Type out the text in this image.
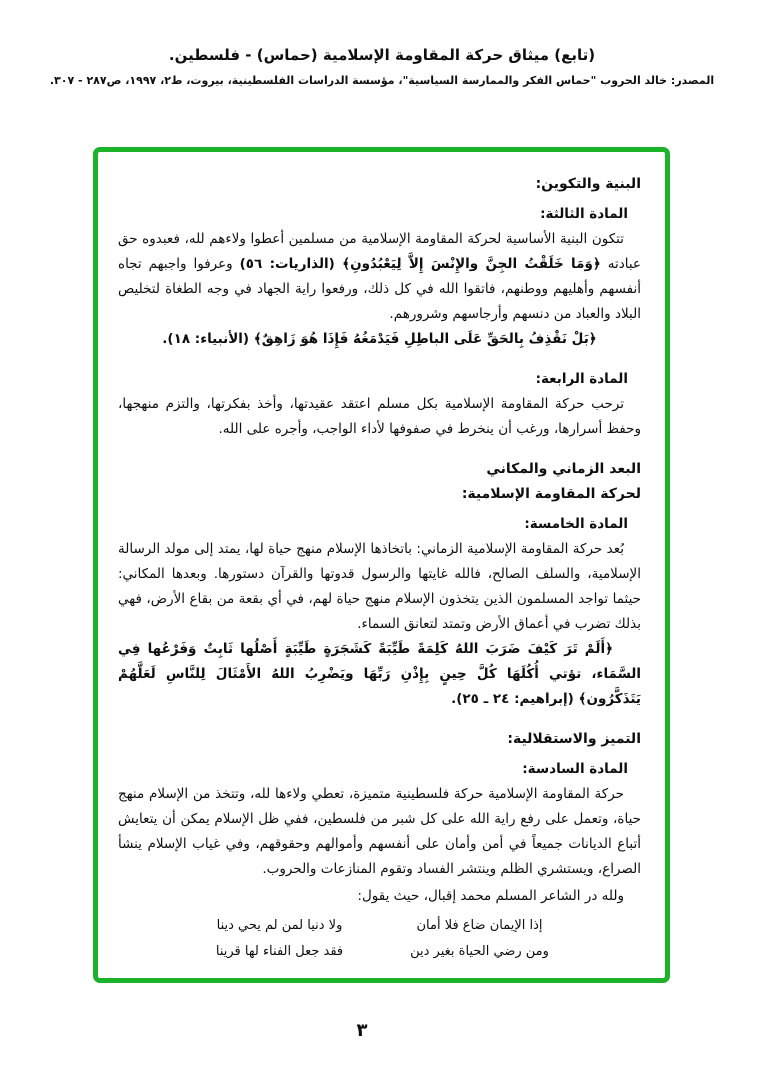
(تابع) ميثاق حركة المقاومة الإسلامية (حماس) - فلسطين.
المصدر: خالد الحروب "حماس الفكر والممارسة السياسية"، مؤسسة الدراسات الفلسطينية، بيروت، ط٢، ١٩٩٧، ص٢٨٧ - ٣٠٧.
البنية والتكوين:
المادة الثالثة:

تتكون البنية الأساسية لحركة المقاومة الإسلامية من مسلمين أعطوا ولاءهم لله، فعبدوه حق عبادته ﴿وَمَا خَلَقْتُ الجِنَّ والإِنْسَ إِلاَّ لِيَعْبُدُونِ﴾ (الذاريات: ٥٦) وعرفوا واجبهم تجاه أنفسهم وأهليهم ووطنهم، فاتقوا الله في كل ذلك، ورفعوا راية الجهاد في وجه الطغاة لتخليص البلاد والعباد من دنسهم وأرجاسهم وشرورهم.

﴿بَلْ نَقْذِفُ بِالحَقِّ عَلَى الباطِلِ فَيَدْمَغُهُ فَإِذَا هُوَ زَاهِقٌ﴾ (الأنبياء: ١٨).
المادة الرابعة:

ترحب حركة المقاومة الإسلامية بكل مسلم اعتقد عقيدتها، وأخذ بفكرتها، والتزم منهجها، وحفظ أسرارها، ورغب أن ينخرط في صفوفها لأداء الواجب، وأجره على الله.

البعد الزماني والمكاني
لحركة المقاومة الإسلامية:
المادة الخامسة:

بُعد حركة المقاومة الإسلامية الزماني: باتخاذها الإسلام منهج حياة لها، يمتد إلى مولد الرسالة الإسلامية، والسلف الصالح، فالله غايتها والرسول قدوتها والقرآن دستورها. وبعدها المكاني: حيثما تواجد المسلمون الذين يتخذون الإسلام منهج حياة لهم، في أي بقعة من بقاع الأرض، فهي بذلك تضرب في أعماق الأرض وتمتد لتعانق السماء.

﴿أَلَمْ تَرَ كَيْفَ ضَرَبَ اللهُ كَلِمَةً طَيِّبَةً كَشَجَرَةٍ طَيِّبَةٍ أَصْلُها ثَابِتٌ وَفَرْعُها فِي السَّمَاء، تؤتي أُكُلَهَا كُلَّ حِينٍ بِإِذْنِ رَبِّهَا ويَضْرِبُ اللهُ الأَمْثَالَ لِلنَّاسِ لَعَلَّهُمْ يَتَذَكَّرُون﴾ (إبراهيم: ٢٤ ـ ٢٥).

التميز والاستقلالية:
المادة السادسة:

حركة المقاومة الإسلامية حركة فلسطينية متميزة، تعطي ولاءها لله، وتتخذ من الإسلام منهج حياة، وتعمل على رفع راية الله على كل شبر من فلسطين، ففي ظل الإسلام يمكن أن يتعايش أتباع الديانات جميعاً في أمن وأمان على أنفسهم وأموالهم وحقوقهم، وفي غياب الإسلام ينشأ الصراع، ويستشري الظلم وينتشر الفساد وتقوم المنازعات والحروب.

ولله در الشاعر المسلم محمد إقبال، حيث يقول:
إذا الإيمان ضاع فلا أمان
ولا دنيا لمن لم يحي دينا
ومن رضي الحياة بغير دين
فقد جعل الفناء لها قرينا
٣
